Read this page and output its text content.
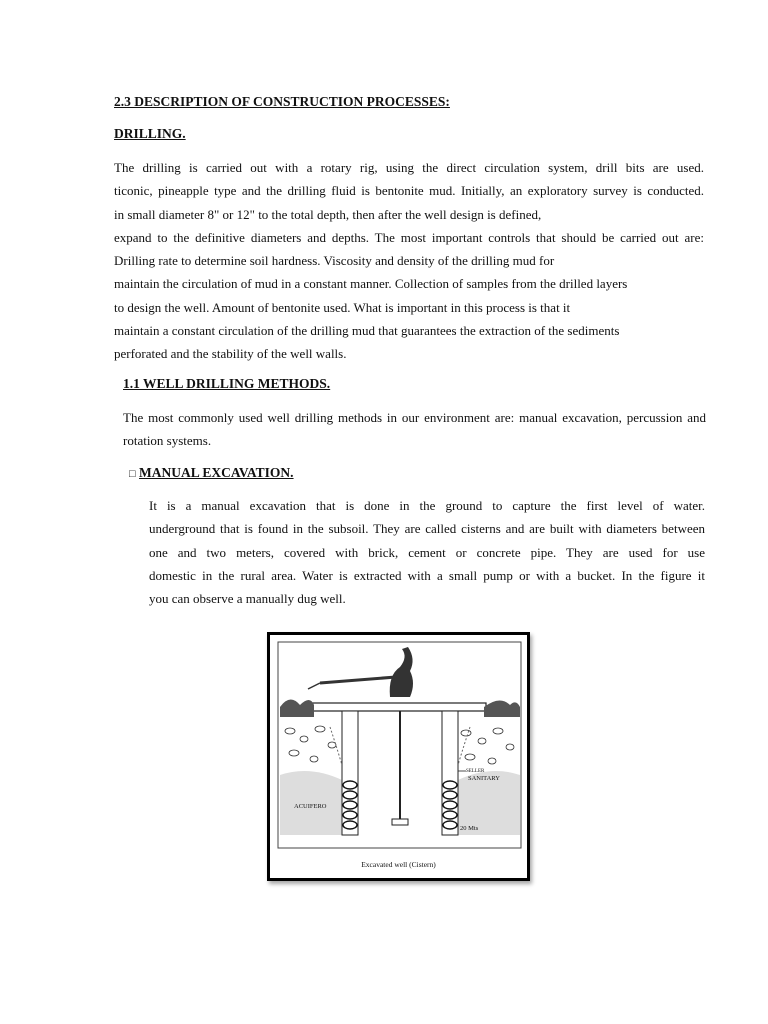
2.3 DESCRIPTION OF CONSTRUCTION PROCESSES:
DRILLING.
The drilling is carried out with a rotary rig, using the direct circulation system, drill bits are used.
ticonic, pineapple type and the drilling fluid is bentonite mud. Initially, an exploratory survey is conducted.
in small diameter 8" or 12" to the total depth, then after the well design is defined,
expand to the definitive diameters and depths. The most important controls that should be carried out are:
Drilling rate to determine soil hardness. Viscosity and density of the drilling mud for
maintain the circulation of mud in a constant manner. Collection of samples from the drilled layers
to design the well. Amount of bentonite used. What is important in this process is that it
maintain a constant circulation of the drilling mud that guarantees the extraction of the sediments
perforated and the stability of the well walls.
1.1 WELL DRILLING METHODS.
The most commonly used well drilling methods in our environment are: manual excavation, percussion and
rotation systems.
□ MANUAL EXCAVATION.
It is a manual excavation that is done in the ground to capture the first level of water.
underground that is found in the subsoil. They are called cisterns and are built with diameters between
one and two meters, covered with brick, cement or concrete pipe. They are used for use
domestic in the rural area. Water is extracted with a small pump or with a bucket. In the figure it
you can observe a manually dug well.
SELLER
SANITARY
ACUIFERO
20 Mts
Excavated well (Cistern)
